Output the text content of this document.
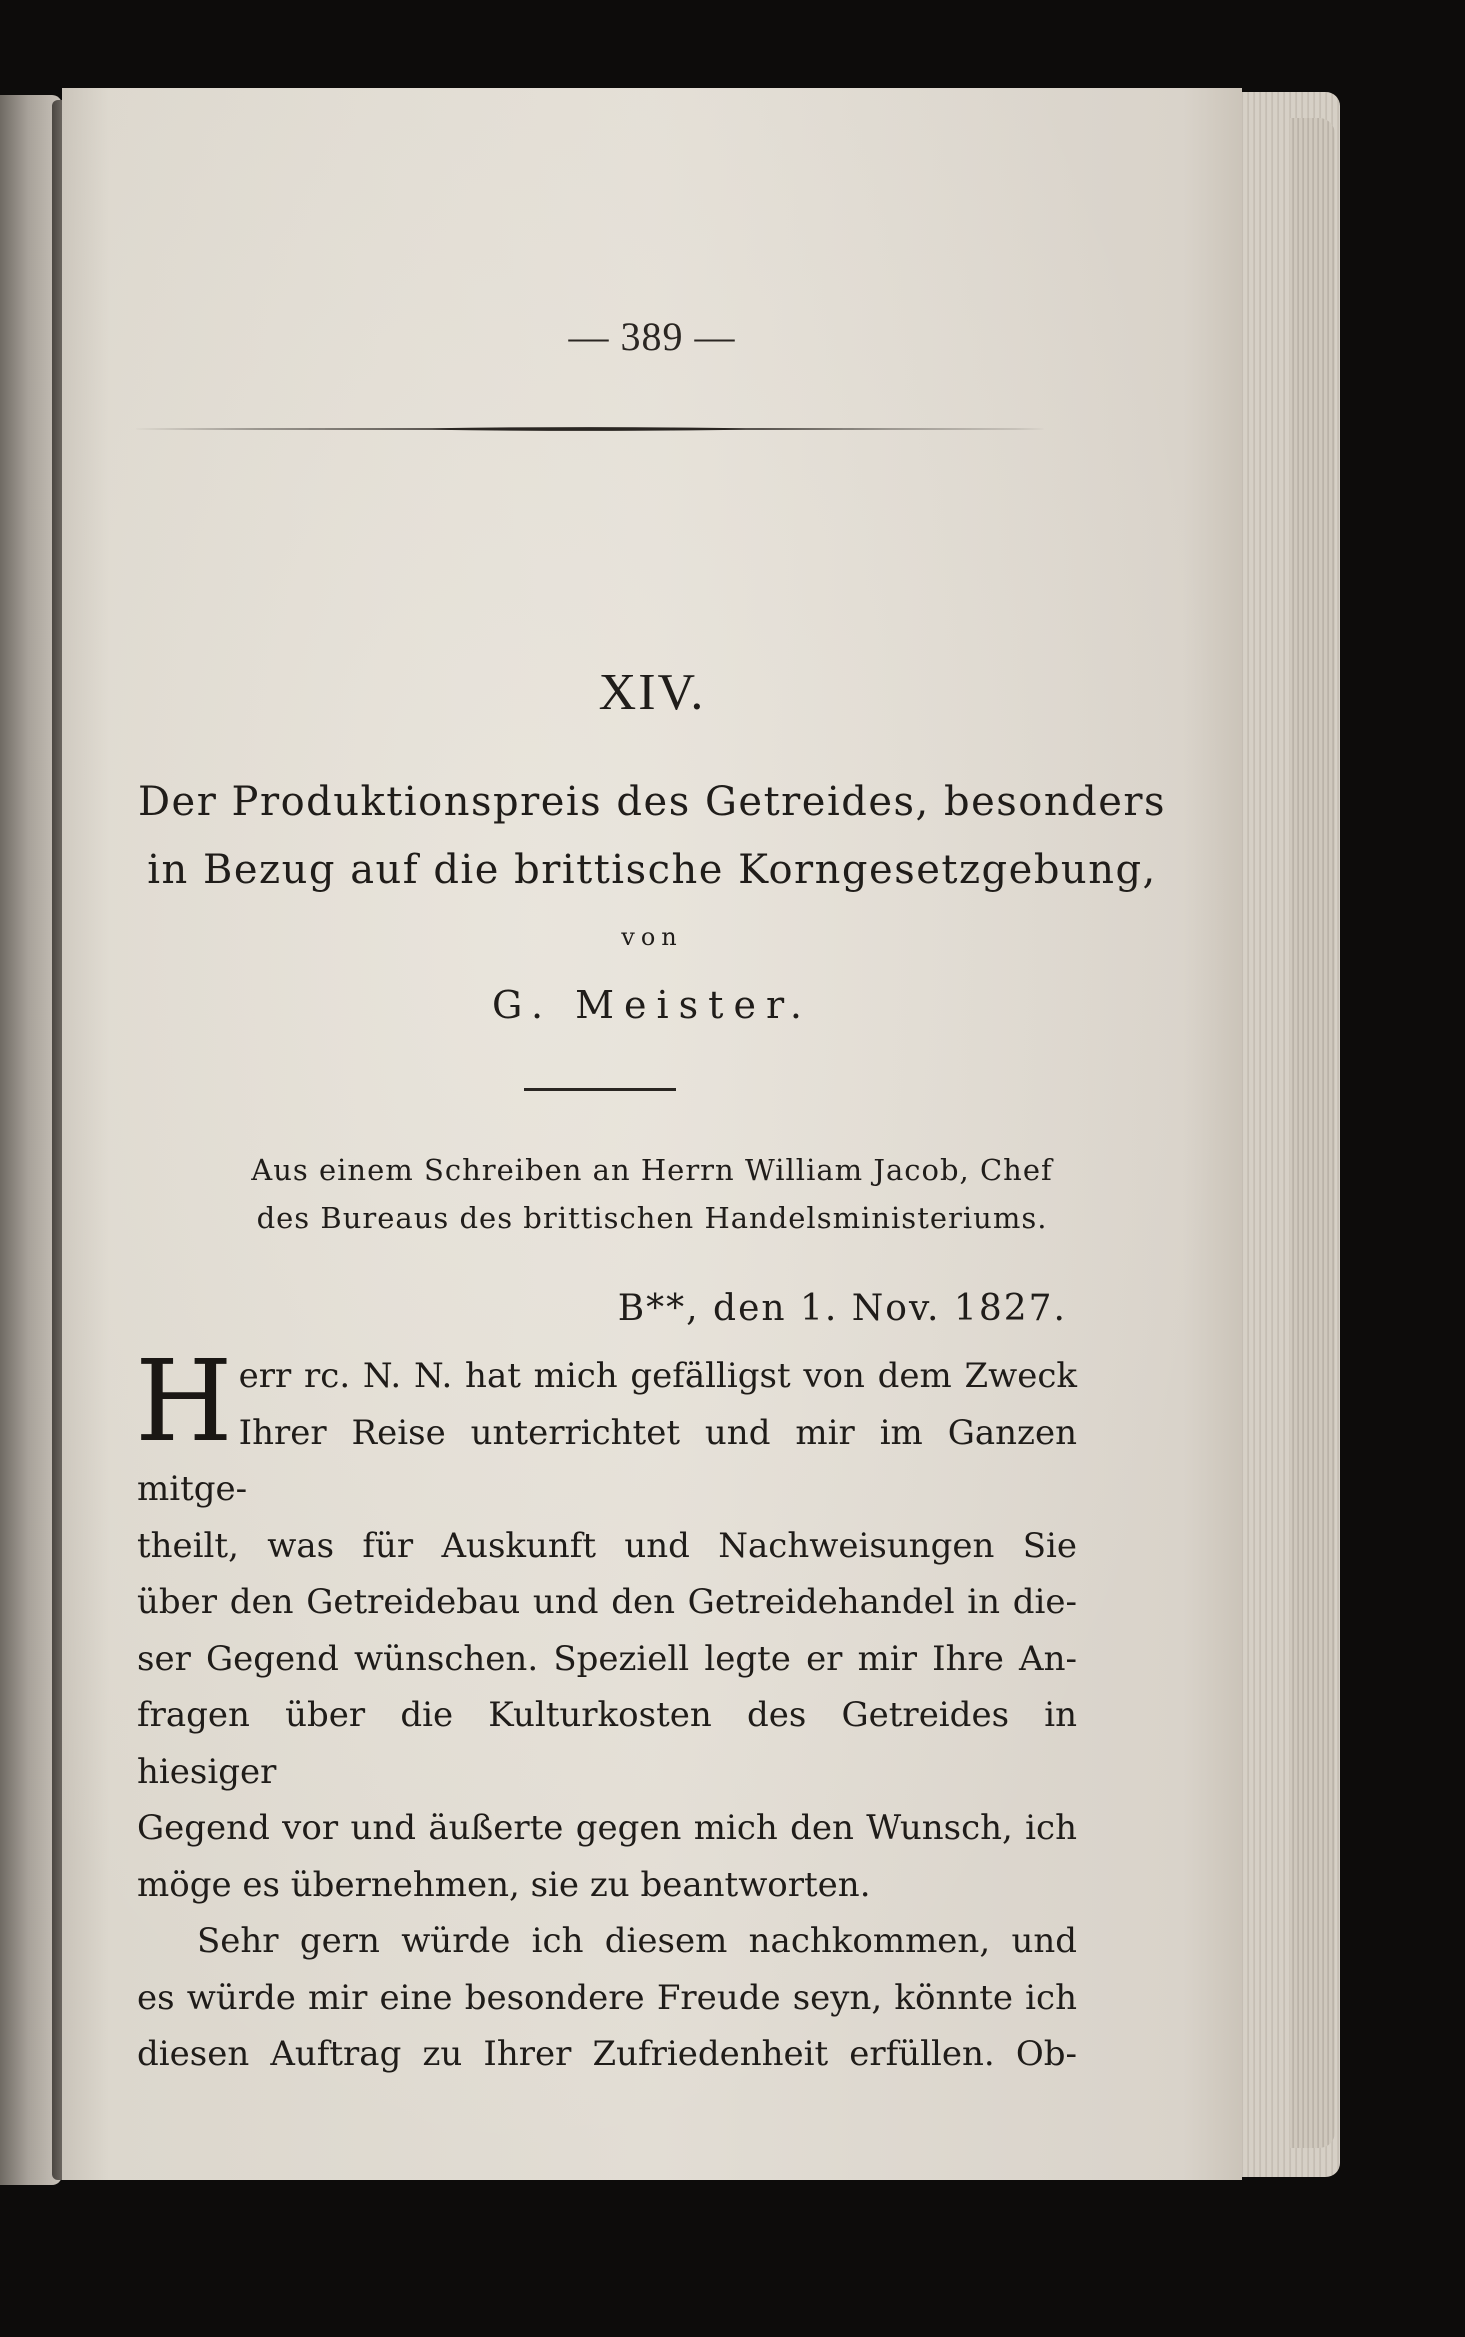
— 389 —
XIV.
Der Produktionspreis des Getreides, besonders
in Bezug auf die brittische Korngesetzgebung,
von
G. Meister.
Aus einem Schreiben an Herrn William Jacob, Chef
des Bureaus des brittischen Handelsministeriums.
B**, den 1. Nov. 1827.
H err rc. N. N. hat mich gefälligst von dem Zweck

Ihrer Reise unterrichtet und mir im Ganzen mitge-

theilt, was für Auskunft und Nachweisungen Sie

über den Getreidebau und den Getreidehandel in die-

ser Gegend wünschen. Speziell legte er mir Ihre An-

fragen über die Kulturkosten des Getreides in hiesiger

Gegend vor und äußerte gegen mich den Wunsch, ich

möge es übernehmen, sie zu beantworten.

Sehr gern würde ich diesem nachkommen, und

es würde mir eine besondere Freude seyn, könnte ich

diesen Auftrag zu Ihrer Zufriedenheit erfüllen. Ob-
